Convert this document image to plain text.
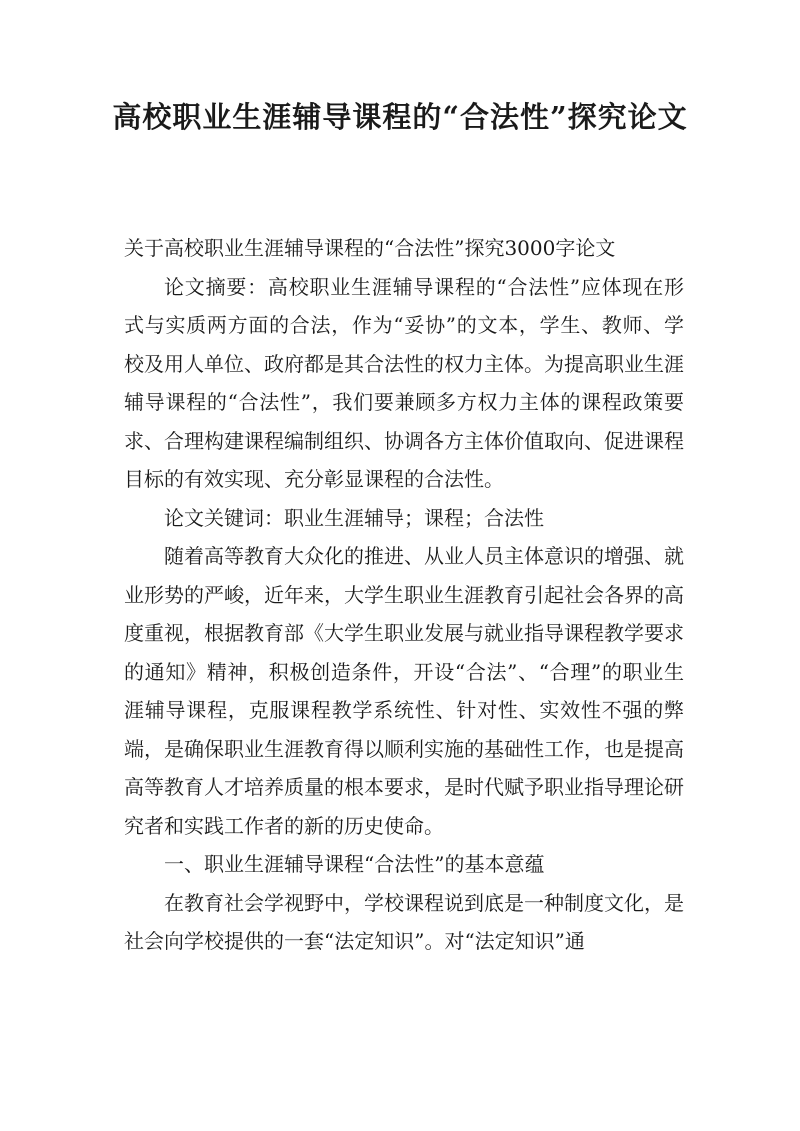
高校职业生涯辅导课程的“合法性”探究论文

关于高校职业生涯辅导课程的“合法性”探究3000字论文

论文摘要：高校职业生涯辅导课程的“合法性”应体现在形式与实质两方面的合法，作为“妥协”的文本，学生、教师、学校及用人单位、政府都是其合法性的权力主体。为提高职业生涯辅导课程的“合法性”，我们要兼顾多方权力主体的课程政策要求、合理构建课程编制组织、协调各方主体价值取向、促进课程目标的有效实现、充分彰显课程的合法性。

论文关键词：职业生涯辅导；课程；合法性

随着高等教育大众化的推进、从业人员主体意识的增强、就业形势的严峻，近年来，大学生职业生涯教育引起社会各界的高度重视，根据教育部《大学生职业发展与就业指导课程教学要求的通知》精神，积极创造条件，开设“合法”、“合理”的职业生涯辅导课程，克服课程教学系统性、针对性、实效性不强的弊端，是确保职业生涯教育得以顺利实施的基础性工作，也是提高高等教育人才培养质量的根本要求，是时代赋予职业指导理论研究者和实践工作者的新的历史使命。

一、职业生涯辅导课程“合法性”的基本意蕴

在教育社会学视野中，学校课程说到底是一种制度文化，是社会向学校提供的一套“法定知识”。对“法定知识”通
